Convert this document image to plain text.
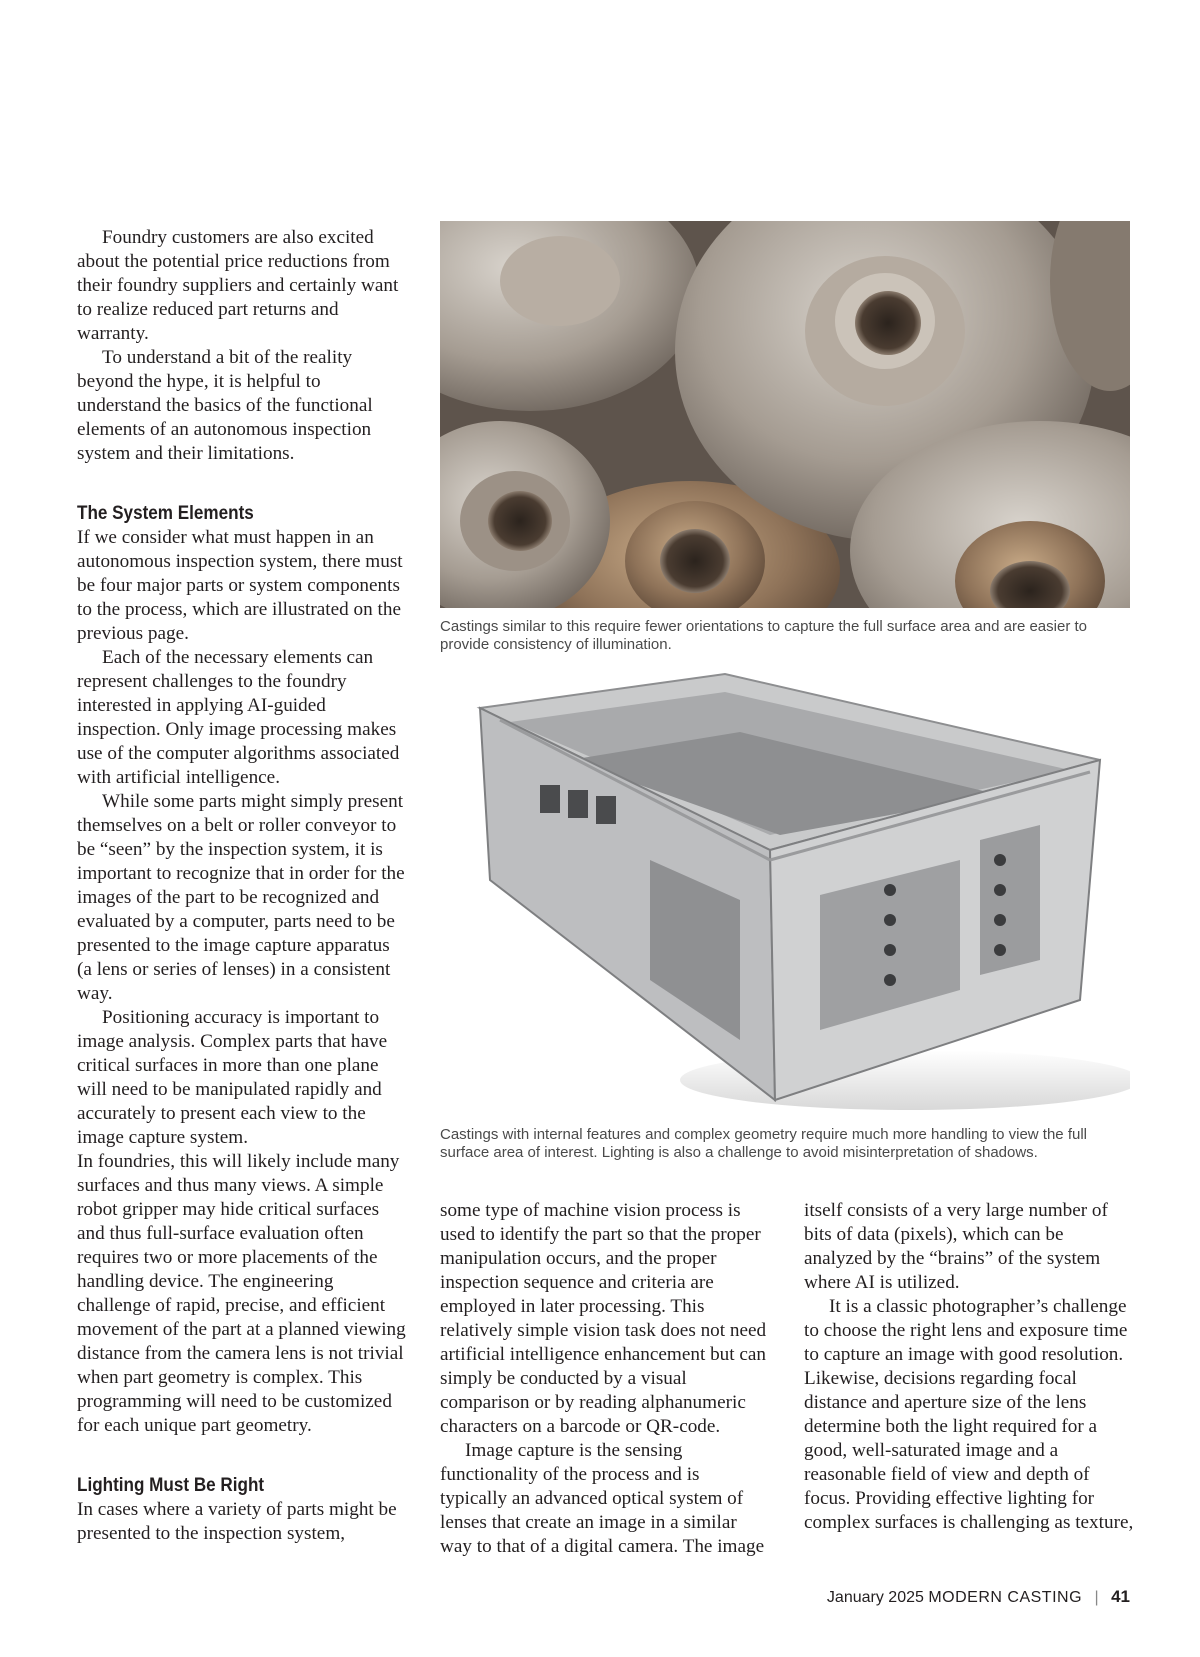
Foundry customers are also excited about the potential price reductions from their foundry suppliers and certainly want to realize reduced part returns and warranty.

To understand a bit of the reality beyond the hype, it is helpful to understand the basics of the functional elements of an autonomous inspection system and their limitations.

The System Elements

If we consider what must happen in an autonomous inspection system, there must be four major parts or system components to the process, which are illustrated on the previous page.

Each of the necessary elements can represent challenges to the foundry interested in applying AI-guided inspection. Only image processing makes use of the computer algorithms associated with artificial intelligence.

While some parts might simply present themselves on a belt or roller conveyor to be “seen” by the inspection system, it is important to recognize that in order for the images of the part to be recognized and evaluated by a computer, parts need to be presented to the image capture apparatus (a lens or series of lenses) in a consistent way.

Positioning accuracy is important to image analysis. Complex parts that have critical surfaces in more than one plane will need to be manipulated rapidly and accurately to present each view to the image capture system.

In foundries, this will likely include many surfaces and thus many views. A simple robot gripper may hide critical surfaces and thus full-surface evaluation often requires two or more placements of the handling device. The engineering challenge of rapid, precise, and efficient movement of the part at a planned viewing distance from the camera lens is not trivial when part geometry is complex. This programming will need to be customized for each unique part geometry.

Lighting Must Be Right

In cases where a variety of parts might be presented to the inspection system,

Castings similar to this require fewer orientations to capture the full surface area and are easier to provide consistency of illumination.
Castings with internal features and complex geometry require much more handling to view the full surface area of interest. Lighting is also a challenge to avoid misinterpretation of shadows.

some type of machine vision process is used to identify the part so that the proper manipulation occurs, and the proper inspection sequence and criteria are employed in later processing. This relatively simple vision task does not need artificial intelligence enhancement but can simply be conducted by a visual comparison or by reading alphanumeric characters on a barcode or QR-code.

Image capture is the sensing functionality of the process and is typically an advanced optical system of lenses that create an image in a similar way to that of a digital camera. The image

itself consists of a very large number of bits of data (pixels), which can be analyzed by the “brains” of the system where AI is utilized.

It is a classic photographer’s challenge to choose the right lens and exposure time to capture an image with good resolution. Likewise, decisions regarding focal distance and aperture size of the lens determine both the light required for a good, well-saturated image and a reasonable field of view and depth of focus. Providing effective lighting for complex surfaces is challenging as texture,

January 2025 MODERN CASTING | 41
